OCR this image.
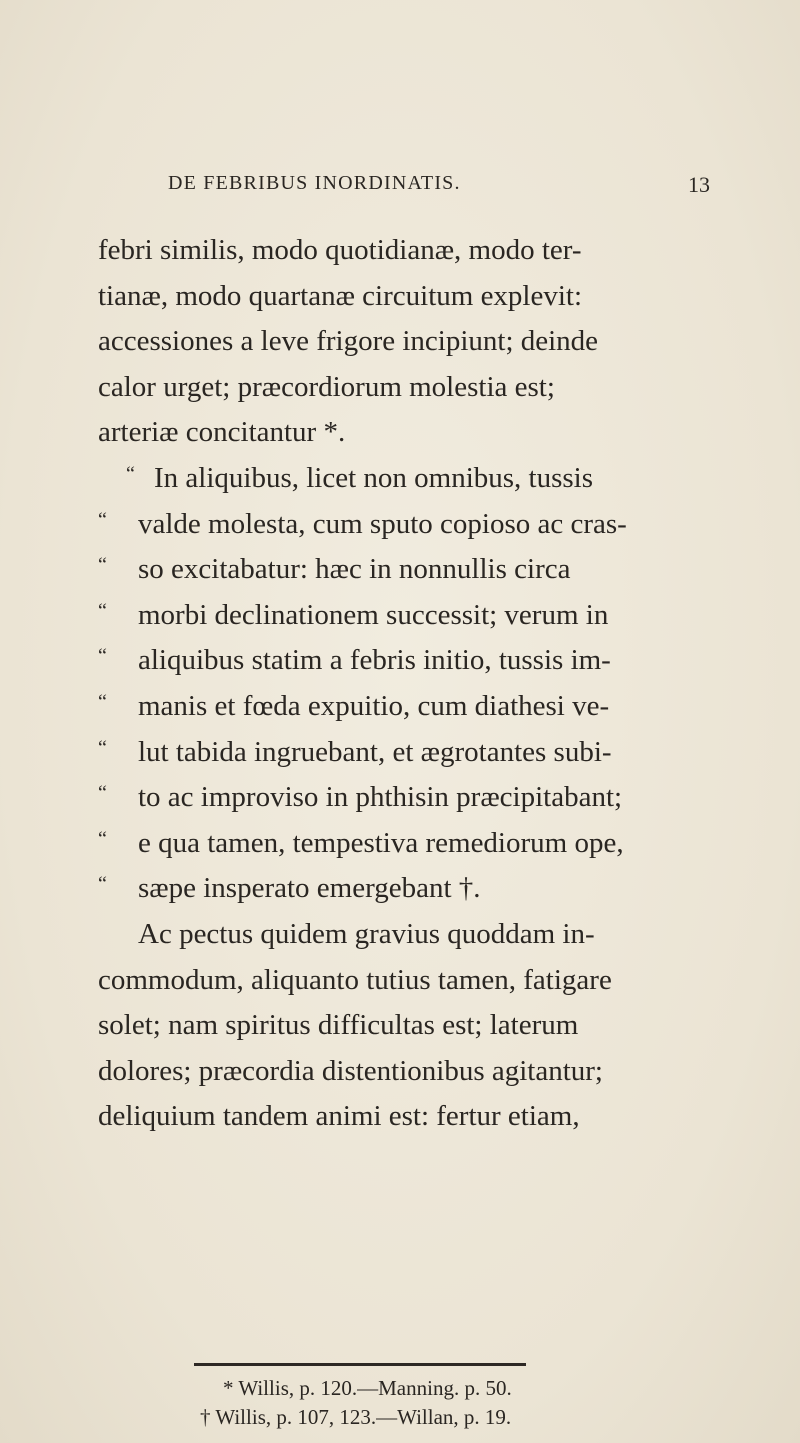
DE FEBRIBUS INORDINATIS.	13
febri similis, modo quotidianæ, modo ter-
tianæ, modo quartanæ circuitum explevit:
accessiones a leve frigore incipiunt; deinde
calor urget; præcordiorum molestia est;
arteriæ concitantur *.
“ In aliquibus, licet non omnibus, tussis
“ valde molesta, cum sputo copioso ac cras-
“ so excitabatur: hæc in nonnullis circa
“ morbi declinationem successit; verum in
“ aliquibus statim a febris initio, tussis im-
“ manis et fœda expuitio, cum diathesi ve-
“ lut tabida ingruebant, et ægrotantes subi-
“ to ac improviso in phthisin præcipitabant;
“ e qua tamen, tempestiva remediorum ope,
“ sæpe insperato emergebant †.
Ac pectus quidem gravius quoddam in-
commodum, aliquanto tutius tamen, fatigare
solet; nam spiritus difficultas est; laterum
dolores; præcordia distentionibus agitantur;
deliquium tandem animi est: fertur etiam,
* Willis, p. 120.—Manning. p. 50.
† Willis, p. 107, 123.—Willan, p. 19.
